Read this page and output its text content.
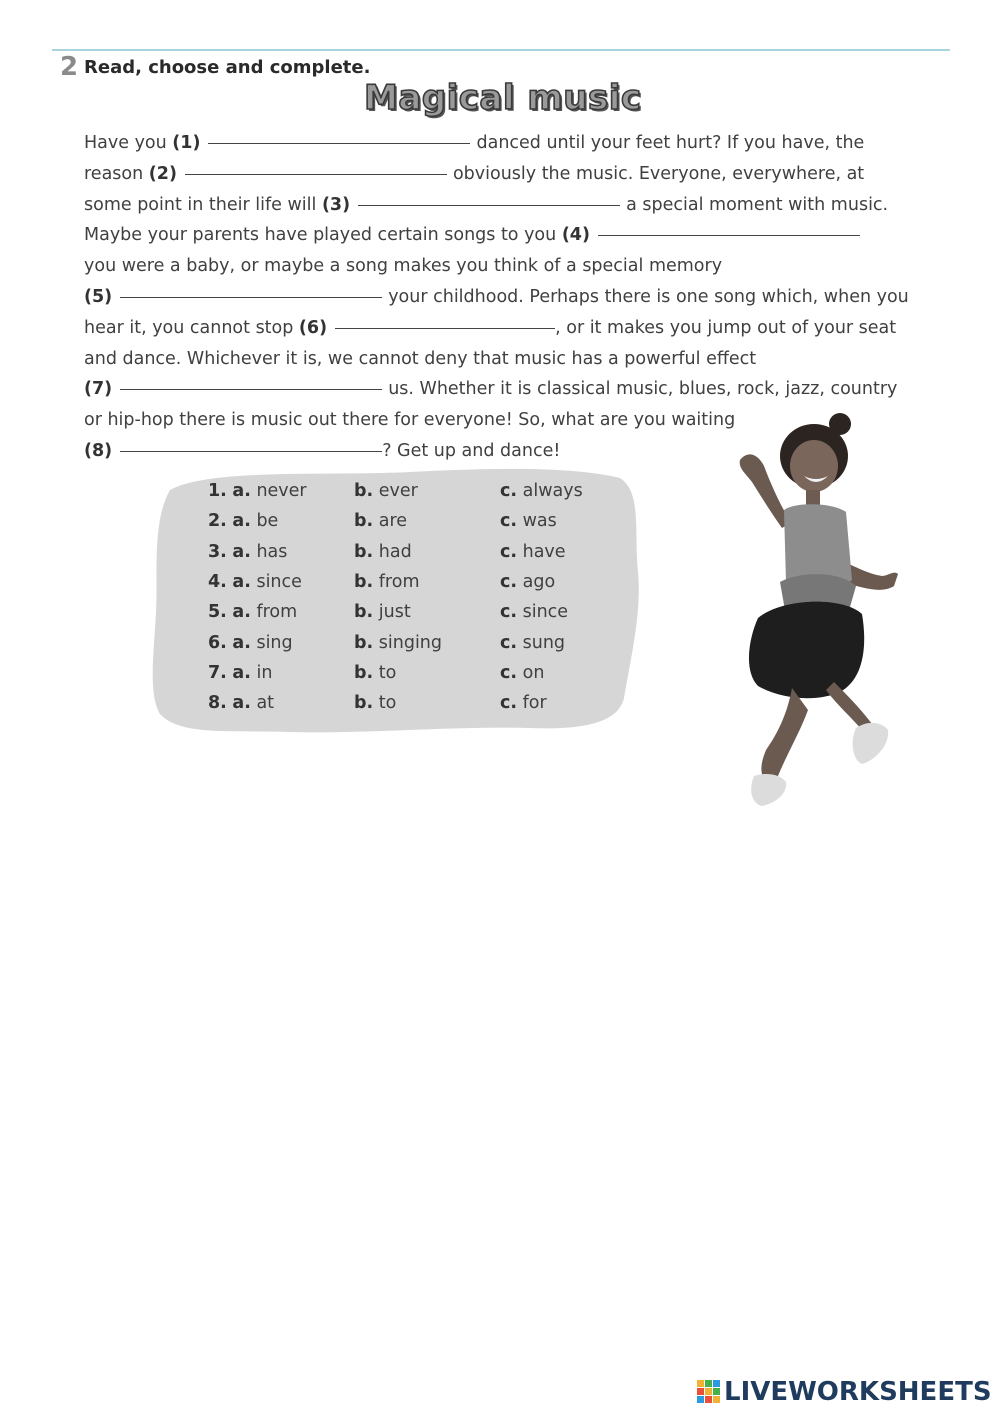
2 Read, choose and complete.
Magical music
Have you (1)	danced until your feet hurt? If you have, the
reason (2)	obviously the music. Everyone, everywhere, at
some point in their life will (3)	a special moment with music.
Maybe your parents have played certain songs to you (4)
you were a baby, or maybe a song makes you think of a special memory
(5)	your childhood. Perhaps there is one song which, when you
hear it, you cannot stop (6)	, or it makes you jump out of your seat
and dance. Whichever it is, we cannot deny that music has a powerful effect
(7)	us. Whether it is classical music, blues, rock, jazz, country
or hip-hop there is music out there for everyone! So, what are you waiting
(8)	? Get up and dance!
1. a. never	b. ever	c. always
2. a. be	b. are	c. was
3. a. has	b. had	c. have
4. a. since	b. from	c. ago
5. a. from	b. just	c. since
6. a. sing	b. singing	c. sung
7. a. in	b. to	c. on
8. a. at	b. to	c. for
LIVEWORKSHEETS
